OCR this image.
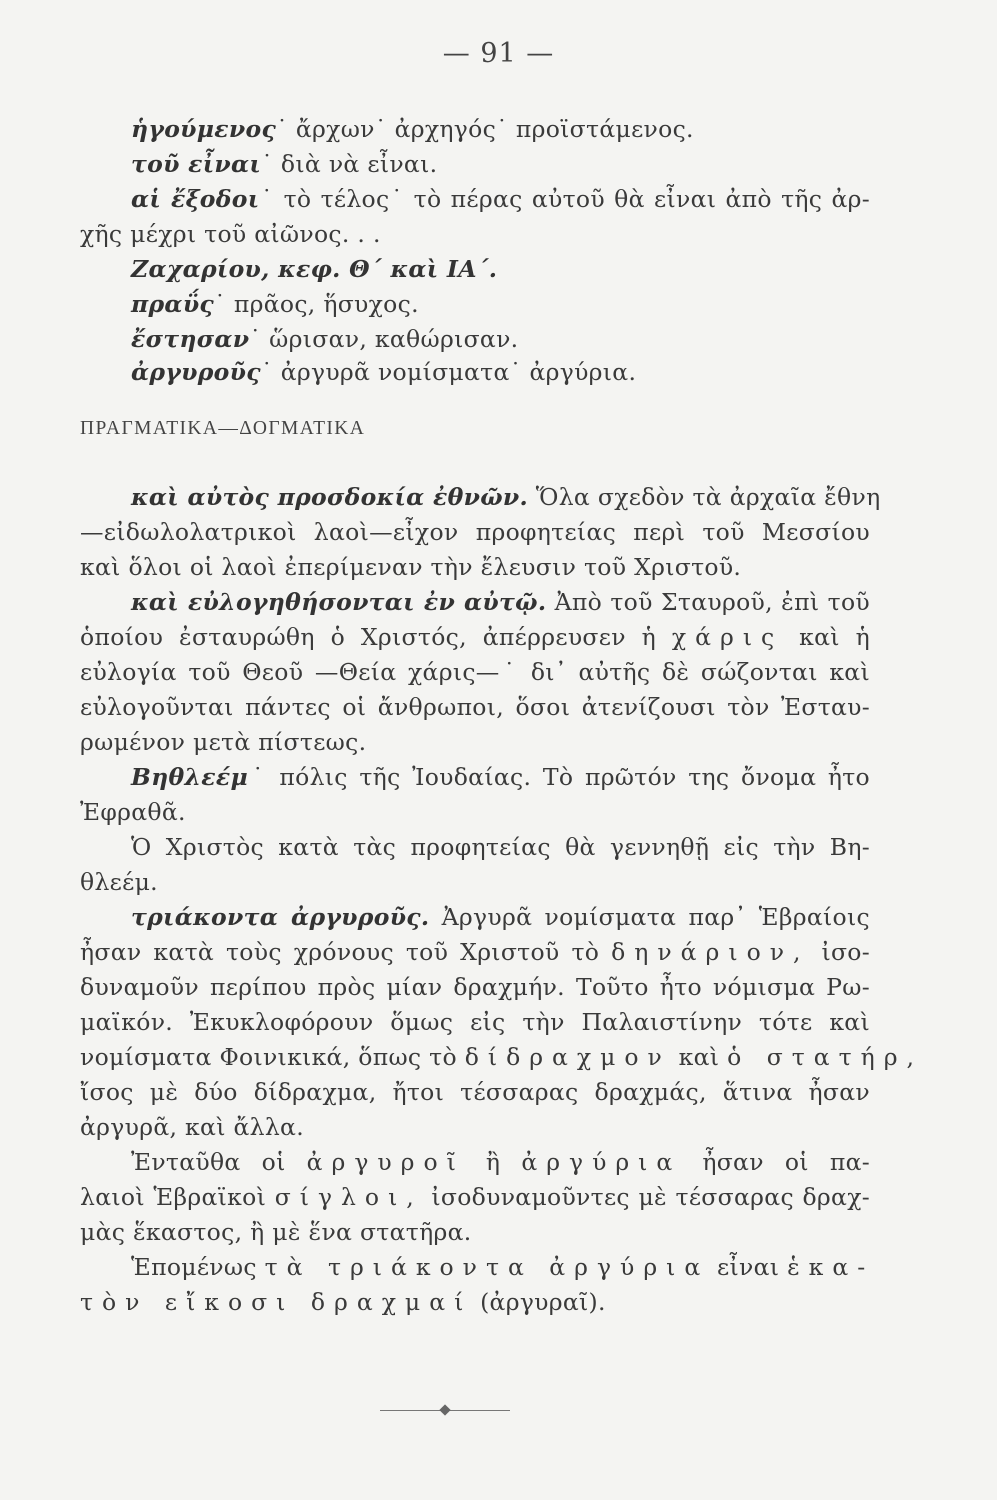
— 91 —
ἡγούμενος˙ ἄρχων˙ ἀρχηγός˙ προϊστάμενος.
τοῦ εἶναι˙ διὰ νὰ εἶναι.
αἱ ἔξοδοι˙ τὸ τέλος˙ τὸ πέρας αὐτοῦ θὰ εἶναι ἀπὸ τῆς ἀρ-
χῆς μέχρι τοῦ αἰῶνος. . .
Ζαχαρίου, κεφ. Θ΄ καὶ ΙΑ΄.
πραΰς˙ πρᾶος, ἥσυχος.
ἔστησαν˙ ὥρισαν, καθώρισαν.
ἀργυροῦς˙ ἀργυρᾶ νομίσματα˙ ἀργύρια.
ΠΡΑΓΜΑΤΙΚΑ—ΔΟΓΜΑΤΙΚΑ
καὶ αὐτὸς προσδοκία ἐθνῶν. Ὅλα σχεδὸν τὰ ἀρχαῖα ἔθνη
—εἰδωλολατρικοὶ λαοὶ—εἶχον προφητείας περὶ τοῦ Μεσσίου
καὶ ὅλοι οἱ λαοὶ ἐπερίμεναν τὴν ἔλευσιν τοῦ Χριστοῦ.
καὶ εὐλογηθήσονται ἐν αὐτῷ. Ἀπὸ τοῦ Σταυροῦ, ἐπὶ τοῦ
ὁποίου ἐσταυρώθη ὁ Χριστός, ἀπέρρευσεν ἡ χάρις καὶ ἡ
εὐλογία τοῦ Θεοῦ —Θεία χάρις—˙ δι᾽ αὐτῆς δὲ σώζονται καὶ
εὐλογοῦνται πάντες οἱ ἄνθρωποι, ὅσοι ἀτενίζουσι τὸν Ἐσταυ-
ρωμένον μετὰ πίστεως.
Βηθλεέμ˙ πόλις τῆς Ἰουδαίας. Τὸ πρῶτόν της ὄνομα ἦτο
Ἐφραθᾶ.
Ὁ Χριστὸς κατὰ τὰς προφητείας θὰ γεννηθῇ εἰς τὴν Βη-
θλεέμ.
τριάκοντα ἀργυροῦς. Ἀργυρᾶ νομίσματα παρ᾽ Ἑβραίοις
ἦσαν κατὰ τοὺς χρόνους τοῦ Χριστοῦ τὸ δηνάριον, ἰσο-
δυναμοῦν περίπου πρὸς μίαν δραχμήν. Τοῦτο ἦτο νόμισμα Ρω-
μαϊκόν. Ἐκυκλοφόρουν ὅμως εἰς τὴν Παλαιστίνην τότε καὶ
νομίσματα Φοινικικά, ὅπως τὸ δίδραχμον καὶ ὁ στατήρ,
ἴσος μὲ δύο δίδραχμα, ἤτοι τέσσαρας δραχμάς, ἅτινα ἦσαν
ἀργυρᾶ, καὶ ἄλλα.
Ἐνταῦθα οἱ ἀργυροῖ ἢ ἀργύρια ἦσαν οἱ πα-
λαιοὶ Ἑβραϊκοὶ σίγλοι, ἰσοδυναμοῦντες μὲ τέσσαρας δραχ-
μὰς ἕκαστος, ἢ μὲ ἕνα στατῆρα.
Ἑπομένως τὰ τριάκοντα ἀργύρια εἶναι ἑκα-
τὸν εἴκοσι δραχμαί (ἀργυραῖ).
